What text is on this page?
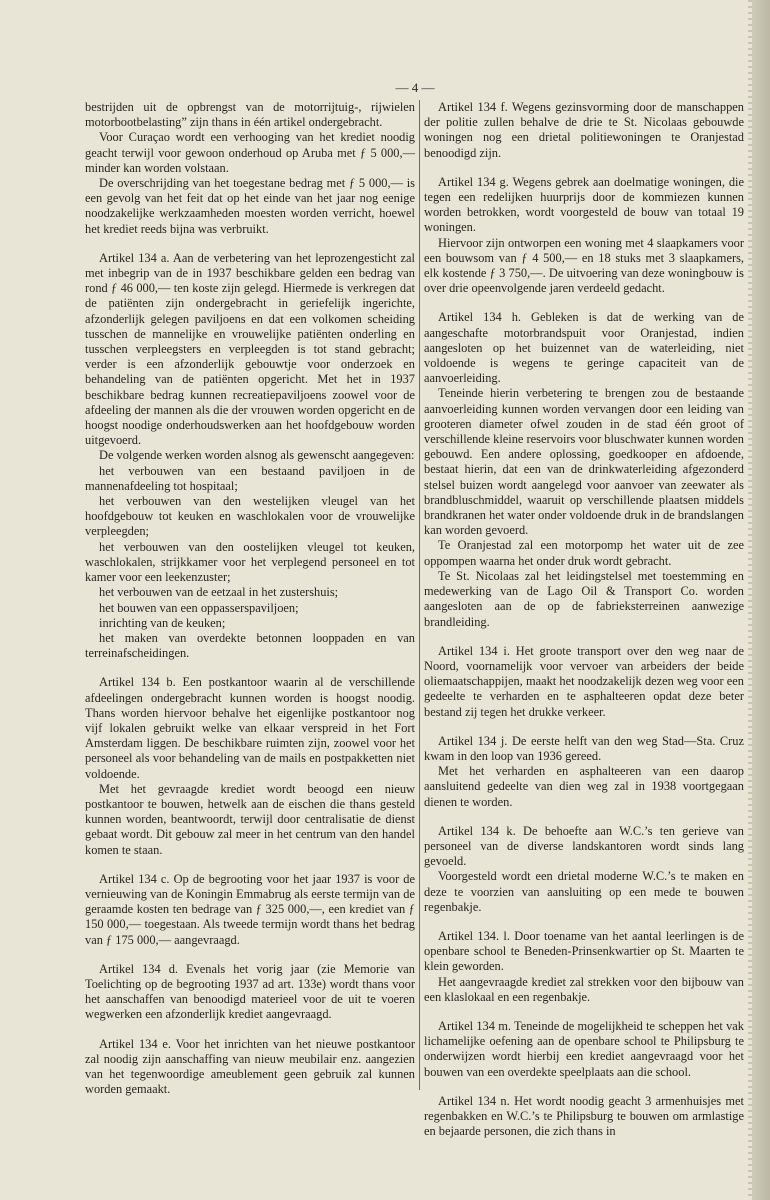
— 4 —

bestrijden uit de opbrengst van de motorrijtuig-, rijwielen motorbootbelasting” zijn thans in één artikel ondergebracht.

Voor Curaçao wordt een verhooging van het krediet noodig geacht terwijl voor gewoon onderhoud op Aruba met ƒ 5 000,— minder kan worden volstaan.

De overschrijding van het toegestane bedrag met ƒ 5 000,— is een gevolg van het feit dat op het einde van het jaar nog eenige noodzakelijke werkzaamheden moesten worden verricht, hoewel het krediet reeds bijna was verbruikt.

Artikel 134 a. Aan de verbetering van het leprozengesticht zal met inbegrip van de in 1937 beschikbare gelden een bedrag van rond ƒ 46 000,— ten koste zijn gelegd. Hiermede is verkregen dat de patiënten zijn ondergebracht in geriefelijk ingerichte, afzonderlijk gelegen paviljoens en dat een volkomen scheiding tusschen de mannelijke en vrouwelijke patiënten onderling en tusschen verpleegsters en verpleegden is tot stand gebracht; verder is een afzonderlijk gebouwtje voor onderzoek en behandeling van de patiënten opgericht. Met het in 1937 beschikbare bedrag kunnen recreatiepaviljoens zoowel voor de afdeeling der mannen als die der vrouwen worden opgericht en de hoogst noodige onderhoudswerken aan het hoofdgebouw worden uitgevoerd.

De volgende werken worden alsnog als gewenscht aangegeven:

het verbouwen van een bestaand paviljoen in de mannenafdeeling tot hospitaal;

het verbouwen van den westelijken vleugel van het hoofdgebouw tot keuken en waschlokalen voor de vrouwelijke verpleegden;

het verbouwen van den oostelijken vleugel tot keuken, waschlokalen, strijkkamer voor het verplegend personeel en tot kamer voor een leekenzuster;

het verbouwen van de eetzaal in het zustershuis;

het bouwen van een oppasserspaviljoen;

inrichting van de keuken;

het maken van overdekte betonnen looppaden en van terreinafscheidingen.

Artikel 134 b. Een postkantoor waarin al de verschillende afdeelingen ondergebracht kunnen worden is hoogst noodig. Thans worden hiervoor behalve het eigenlijke postkantoor nog vijf lokalen gebruikt welke van elkaar verspreid in het Fort Amsterdam liggen. De beschikbare ruimten zijn, zoowel voor het personeel als voor behandeling van de mails en postpakketten niet voldoende.

Met het gevraagde krediet wordt beoogd een nieuw postkantoor te bouwen, hetwelk aan de eischen die thans gesteld kunnen worden, beantwoordt, terwijl door centralisatie de dienst gebaat wordt. Dit gebouw zal meer in het centrum van den handel komen te staan.

Artikel 134 c. Op de begrooting voor het jaar 1937 is voor de vernieuwing van de Koningin Emmabrug als eerste termijn van de geraamde kosten ten bedrage van ƒ 325 000,—, een krediet van ƒ 150 000,— toegestaan. Als tweede termijn wordt thans het bedrag van ƒ 175 000,— aangevraagd.

Artikel 134 d. Evenals het vorig jaar (zie Memorie van Toelichting op de begrooting 1937 ad art. 133e) wordt thans voor het aanschaffen van benoodigd materieel voor de uit te voeren wegwerken een afzonderlijk krediet aangevraagd.

Artikel 134 e. Voor het inrichten van het nieuwe postkantoor zal noodig zijn aanschaffing van nieuw meubilair enz. aangezien van het tegenwoordige ameublement geen gebruik zal kunnen worden gemaakt.

Artikel 134 f. Wegens gezinsvorming door de manschappen der politie zullen behalve de drie te St. Nicolaas gebouwde woningen nog een drietal politiewoningen te Oranjestad benoodigd zijn.

Artikel 134 g. Wegens gebrek aan doelmatige woningen, die tegen een redelijken huurprijs door de kommiezen kunnen worden betrokken, wordt voorgesteld de bouw van totaal 19 woningen.

Hiervoor zijn ontworpen een woning met 4 slaapkamers voor een bouwsom van ƒ 4 500,— en 18 stuks met 3 slaapkamers, elk kostende ƒ 3 750,—. De uitvoering van deze woningbouw is over drie opeenvolgende jaren verdeeld gedacht.

Artikel 134 h. Gebleken is dat de werking van de aangeschafte motorbrandspuit voor Oranjestad, indien aangesloten op het buizennet van de waterleiding, niet voldoende is wegens te geringe capaciteit van de aanvoerleiding.

Teneinde hierin verbetering te brengen zou de bestaande aanvoerleiding kunnen worden vervangen door een leiding van grooteren diameter ofwel zouden in de stad één groot of verschillende kleine reservoirs voor bluschwater kunnen worden gebouwd. Een andere oplossing, goedkooper en afdoende, bestaat hierin, dat een van de drinkwaterleiding afgezonderd stelsel buizen wordt aangelegd voor aanvoer van zeewater als brandbluschmiddel, waaruit op verschillende plaatsen middels brandkranen het water onder voldoende druk in de brandslangen kan worden gevoerd.

Te Oranjestad zal een motorpomp het water uit de zee oppompen waarna het onder druk wordt gebracht.

Te St. Nicolaas zal het leidingstelsel met toestemming en medewerking van de Lago Oil & Transport Co. worden aangesloten aan de op de fabrieksterreinen aanwezige brandleiding.

Artikel 134 i. Het groote transport over den weg naar de Noord, voornamelijk voor vervoer van arbeiders der beide oliemaatschappijen, maakt het noodzakelijk dezen weg voor een gedeelte te verharden en te asphalteeren opdat deze beter bestand zij tegen het drukke verkeer.

Artikel 134 j. De eerste helft van den weg Stad—Sta. Cruz kwam in den loop van 1936 gereed.

Met het verharden en asphalteeren van een daarop aansluitend gedeelte van dien weg zal in 1938 voortgegaan dienen te worden.

Artikel 134 k. De behoefte aan W.C.’s ten gerieve van personeel van de diverse landskantoren wordt sinds lang gevoeld.

Voorgesteld wordt een drietal moderne W.C.’s te maken en deze te voorzien van aansluiting op een mede te bouwen regenbakje.

Artikel 134. l. Door toename van het aantal leerlingen is de openbare school te Beneden-Prinsenkwartier op St. Maarten te klein geworden.

Het aangevraagde krediet zal strekken voor den bijbouw van een klaslokaal en een regenbakje.

Artikel 134 m. Teneinde de mogelijkheid te scheppen het vak lichamelijke oefening aan de openbare school te Philipsburg te onderwijzen wordt hierbij een krediet aangevraagd voor het bouwen van een overdekte speelplaats aan die school.

Artikel 134 n. Het wordt noodig geacht 3 armenhuisjes met regenbakken en W.C.’s te Philipsburg te bouwen om armlastige en bejaarde personen, die zich thans in
